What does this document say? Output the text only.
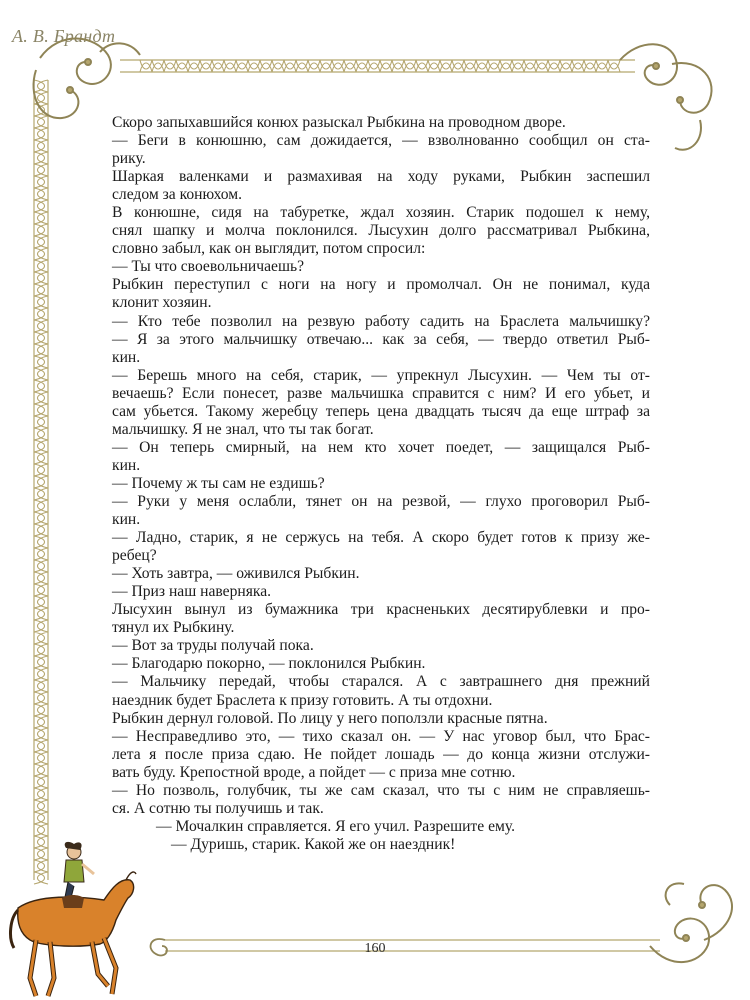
А. В. Брандт
Скоро запыхавшийся конюх разыскал Рыбкина на проводном дворе.
— Беги в конюшню, сам дожидается, — взволнованно сообщил он ста-
рику.
Шаркая валенками и размахивая на ходу руками, Рыбкин заспешил
следом за конюхом.
В конюшне, сидя на табуретке, ждал хозяин. Старик подошел к нему,
снял шапку и молча поклонился. Лысухин долго рассматривал Рыбкина,
словно забыл, как он выглядит, потом спросил:
— Ты что своевольничаешь?
Рыбкин переступил с ноги на ногу и промолчал. Он не понимал, куда
клонит хозяин.
— Кто тебе позволил на резвую работу садить на Браслета мальчишку?
— Я за этого мальчишку отвечаю... как за себя, — твердо ответил Рыб-
кин.
— Берешь много на себя, старик, — упрекнул Лысухин. — Чем ты от-
вечаешь? Если понесет, разве мальчишка справится с ним? И его убьет, и
сам убьется. Такому жеребцу теперь цена двадцать тысяч да еще штраф за
мальчишку. Я не знал, что ты так богат.
— Он теперь смирный, на нем кто хочет поедет, — защищался Рыб-
кин.
— Почему ж ты сам не ездишь?
— Руки у меня ослабли, тянет он на резвой, — глухо проговорил Рыб-
кин.
— Ладно, старик, я не сержусь на тебя. А скоро будет готов к призу же-
ребец?
— Хоть завтра, — оживился Рыбкин.
— Приз наш наверняка.
Лысухин вынул из бумажника три красненьких десятирублевки и про-
тянул их Рыбкину.
— Вот за труды получай пока.
— Благодарю покорно, — поклонился Рыбкин.
— Мальчику передай, чтобы старался. А с завтрашнего дня прежний
наездник будет Браслета к призу готовить. А ты отдохни.
Рыбкин дернул головой. По лицу у него поползли красные пятна.
— Несправедливо это, — тихо сказал он. — У нас уговор был, что Брас-
лета я после приза сдаю. Не пойдет лошадь — до конца жизни отслужи-
вать буду. Крепостной вроде, а пойдет — с приза мне сотню.
— Но позволь, голубчик, ты же сам сказал, что ты с ним не справляешь-
ся. А сотню ты получишь и так.
— Мочалкин справляется. Я его учил. Разрешите ему.
— Дуришь, старик. Какой же он наездник!
160
